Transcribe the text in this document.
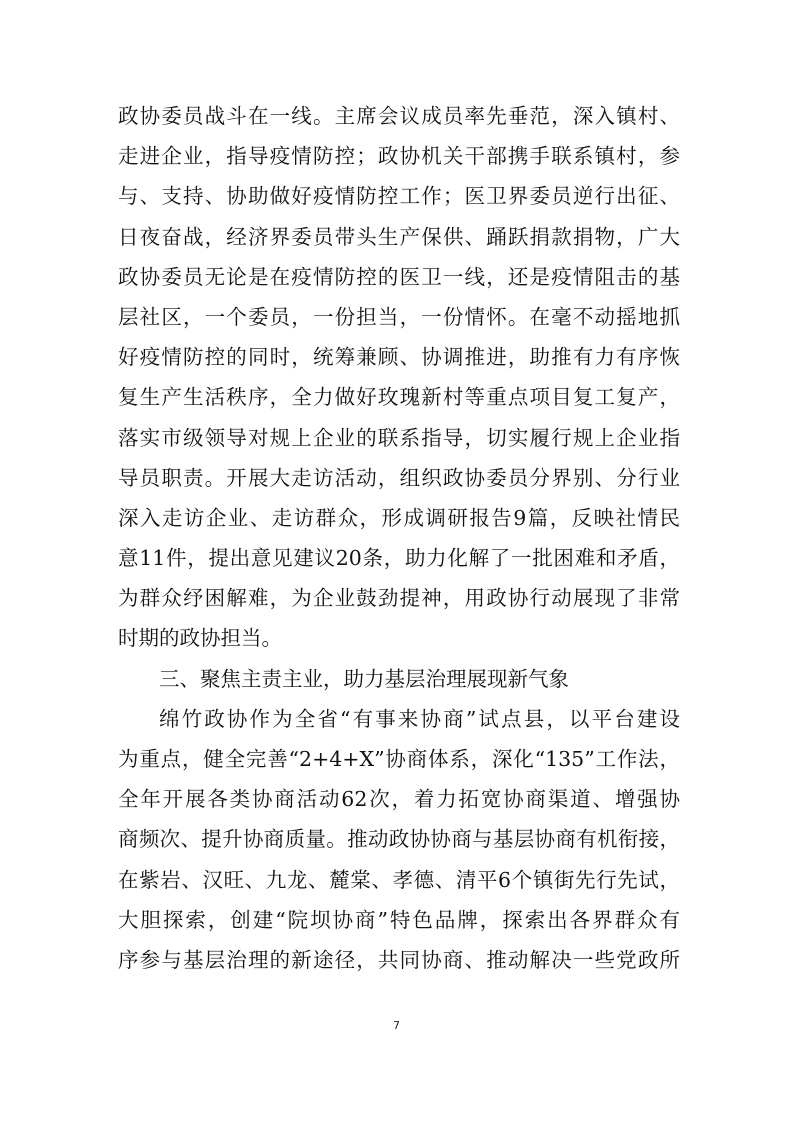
政协委员战斗在一线。主席会议成员率先垂范，深入镇村、
走进企业，指导疫情防控；政协机关干部携手联系镇村，参
与、支持、协助做好疫情防控工作；医卫界委员逆行出征、
日夜奋战，经济界委员带头生产保供、踊跃捐款捐物，广大
政协委员无论是在疫情防控的医卫一线，还是疫情阻击的基
层社区，一个委员，一份担当，一份情怀。在毫不动摇地抓
好疫情防控的同时，统筹兼顾、协调推进，助推有力有序恢
复生产生活秩序，全力做好玫瑰新村等重点项目复工复产，
落实市级领导对规上企业的联系指导，切实履行规上企业指
导员职责。开展大走访活动，组织政协委员分界别、分行业
深入走访企业、走访群众，形成调研报告9篇，反映社情民
意11件，提出意见建议20条，助力化解了一批困难和矛盾，
为群众纾困解难，为企业鼓劲提神，用政协行动展现了非常
时期的政协担当。
三、聚焦主责主业，助力基层治理展现新气象
绵竹政协作为全省“有事来协商”试点县，以平台建设
为重点，健全完善“2+4+X”协商体系，深化“135”工作法，
全年开展各类协商活动62次，着力拓宽协商渠道、增强协
商频次、提升协商质量。推动政协协商与基层协商有机衔接，
在紫岩、汉旺、九龙、麓棠、孝德、清平6个镇街先行先试，
大胆探索，创建“院坝协商”特色品牌，探索出各界群众有
序参与基层治理的新途径，共同协商、推动解决一些党政所
7
